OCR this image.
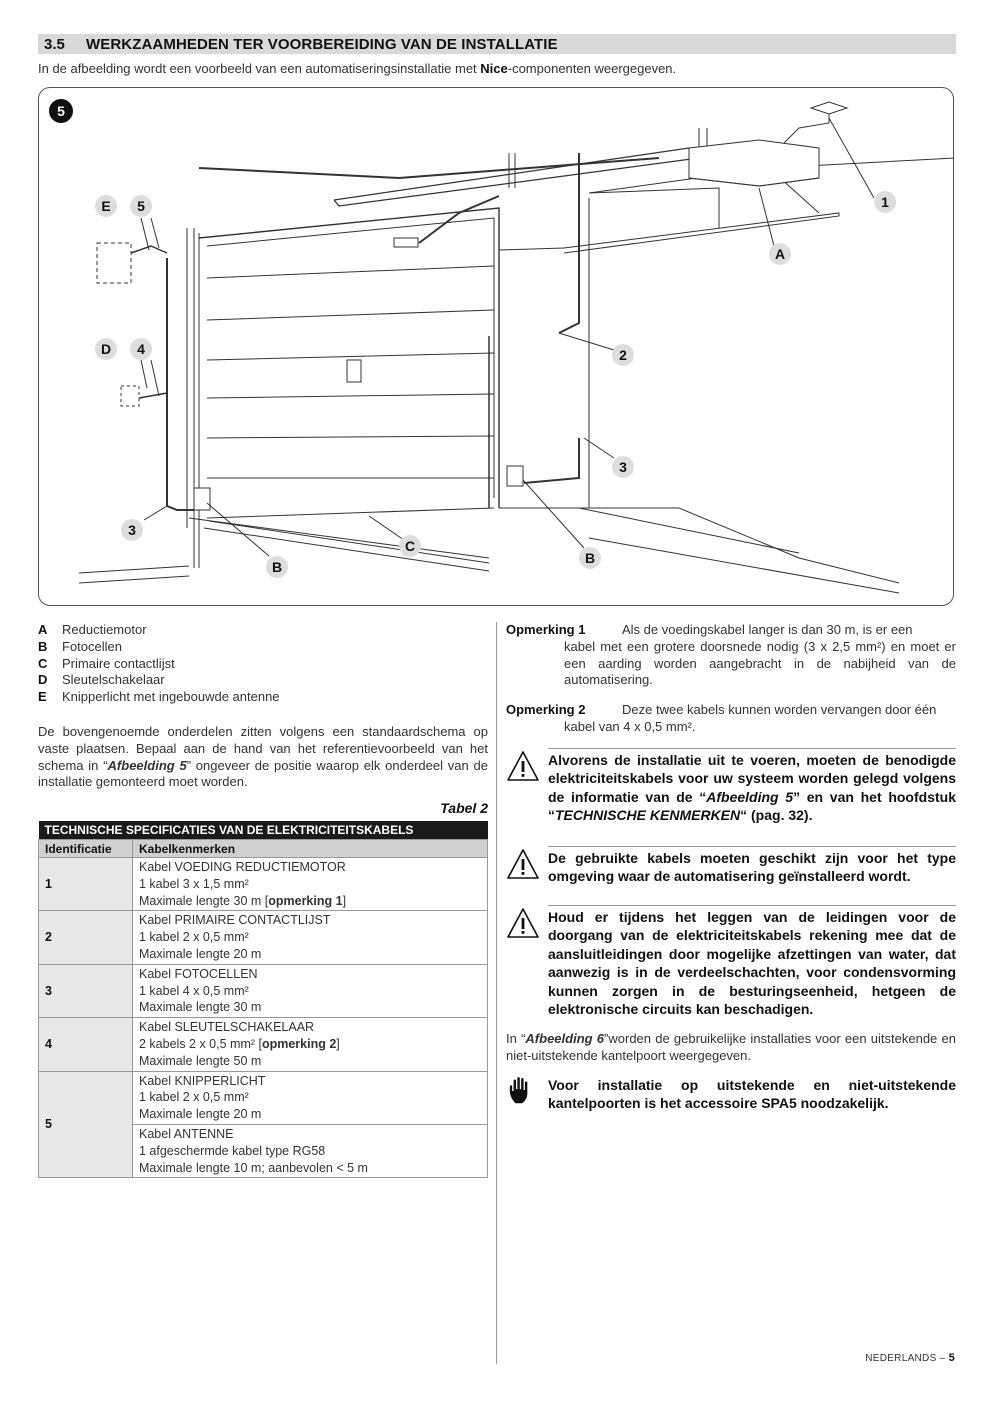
3.5 WERKZAAMHEDEN TER VOORBEREIDING VAN DE INSTALLATIE
In de afbeelding wordt een voorbeeld van een automatiseringsinstallatie met Nice-componenten weergegeven.
5
E 5
D 4
3
B
C
B
3
2
A
1
A	Reductiemotor
B	Fotocellen
C	Primaire contactlijst
D	Sleutelschakelaar
E	Knipperlicht met ingebouwde antenne
De bovengenoemde onderdelen zitten volgens een standaardschema op vaste plaatsen. Bepaal aan de hand van het referentievoorbeeld van het schema in “Afbeelding 5” ongeveer de positie waarop elk onderdeel van de installatie gemonteerd moet worden.
Tabel 2
TECHNISCHE SPECIFICATIES VAN DE ELEKTRICITEITSKABELS	
Identificatie	Kabelkenmerken
1	Kabel VOEDING REDUCTIEMOTOR
1 kabel 3 x 1,5 mm²
Maximale lengte 30 m [opmerking 1]

2	Kabel PRIMAIRE CONTACTLIJST
1 kabel 2 x 0,5 mm²
Maximale lengte 20 m

3	Kabel FOTOCELLEN
1 kabel 4 x 0,5 mm²
Maximale lengte 30 m

4	Kabel SLEUTELSCHAKELAAR
2 kabels 2 x 0,5 mm² [opmerking 2]
Maximale lengte 50 m

5	Kabel KNIPPERLICHT
1 kabel 2 x 0,5 mm²
Maximale lengte 20 m

	Kabel ANTENNE
1 afgeschermde kabel type RG58
Maximale lengte 10 m; aanbevolen < 5 m
Opmerking 1	Als de voedingskabel langer is dan 30 m, is er een
kabel met een grotere doorsnede nodig (3 x 2,5 mm²) en moet er een aarding worden aangebracht in de nabijheid van de automatisering.
Opmerking 2	Deze twee kabels kunnen worden vervangen door één
kabel van 4 x 0,5 mm².
Alvorens de installatie uit te voeren, moeten de benodigde elektriciteitskabels voor uw systeem worden gelegd volgens de informatie van de “Afbeelding 5” en van het hoofdstuk “TECHNISCHE KENMERKEN“ (pag. 32).
De gebruikte kabels moeten geschikt zijn voor het type omgeving waar de automatisering geïnstalleerd wordt.
Houd er tijdens het leggen van de leidingen voor de doorgang van de elektriciteitskabels rekening mee dat de aansluitleidingen door mogelijke afzettingen van water, dat aanwezig is in de verdeelschachten, voor condensvorming kunnen zorgen in de besturingseenheid, hetgeen de elektronische circuits kan beschadigen.
In “Afbeelding 6”worden de gebruikelijke installaties voor een uitstekende en niet-uitstekende kantelpoort weergegeven.
Voor installatie op uitstekende en niet-uitstekende kantelpoorten is het accessoire SPA5 noodzakelijk.
NEDERLANDS – 5
